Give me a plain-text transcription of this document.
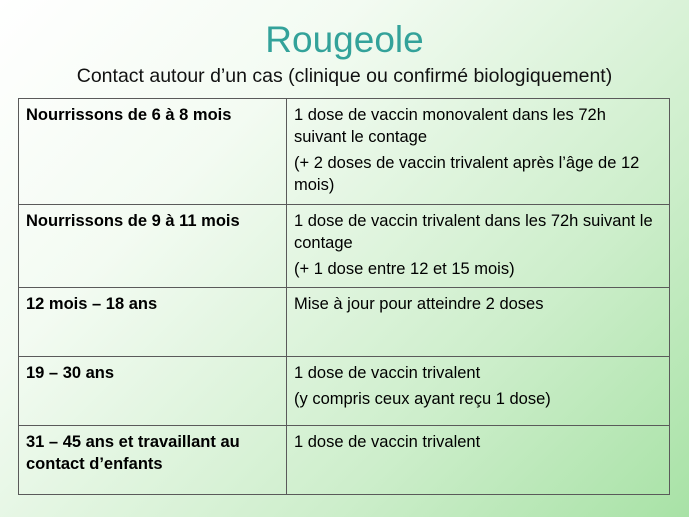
Rougeole
Contact autour d’un cas (clinique ou confirmé biologiquement)
Nourrissons de 6 à 8 mois	1 dose de vaccin monovalent dans les 72h suivant le contage
(+ 2 doses de vaccin trivalent après l’âge de 12 mois)

Nourrissons de 9 à 11 mois	1 dose de vaccin trivalent dans les 72h suivant le contage
(+ 1 dose entre 12 et 15 mois)

12 mois – 18 ans	Mise à jour pour atteindre 2 doses

19 – 30 ans	1 dose de vaccin trivalent
(y compris ceux ayant reçu 1 dose)

31 – 45 ans et travaillant au contact d’enfants	1 dose de vaccin trivalent
